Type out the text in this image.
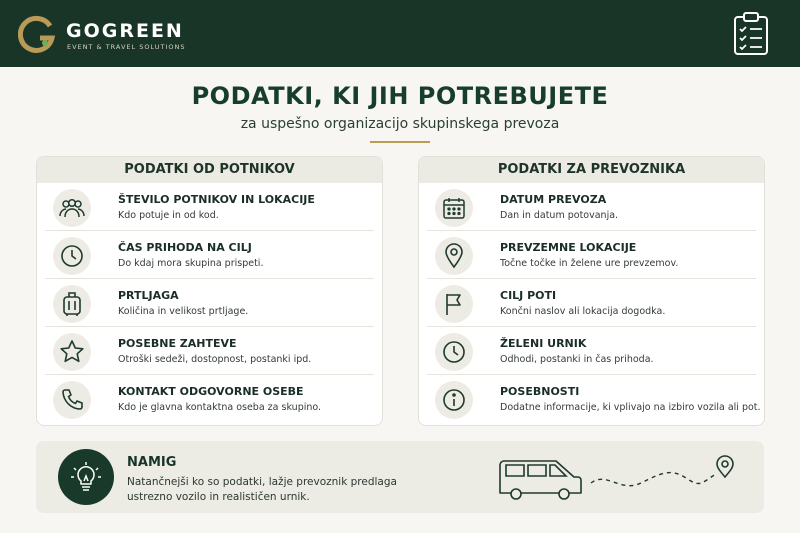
GOGREEN
EVENT & TRAVEL SOLUTIONS
PODATKI, KI JIH POTREBUJETE
za uspešno organizacijo skupinskega prevoza
PODATKI OD POTNIKOV
ŠTEVILO POTNIKOV IN LOKACIJE
Kdo potuje in od kod.
ČAS PRIHODA NA CILJ
Do kdaj mora skupina prispeti.
PRTLJAGA
Količina in velikost prtljage.
POSEBNE ZAHTEVE
Otroški sedeži, dostopnost, postanki ipd.
KONTAKT ODGOVORNE OSEBE
Kdo je glavna kontaktna oseba za skupino.
PODATKI ZA PREVOZNIKA
DATUM PREVOZA
Dan in datum potovanja.
PREVZEMNE LOKACIJE
Točne točke in želene ure prevzemov.
CILJ POTI
Končni naslov ali lokacija dogodka.
ŽELENI URNIK
Odhodi, postanki in čas prihoda.
POSEBNOSTI
Dodatne informacije, ki vplivajo na izbiro vozila ali pot.
NAMIG
Natančnejši ko so podatki, lažje prevoznik predlaga ustrezno vozilo in realističen urnik.
